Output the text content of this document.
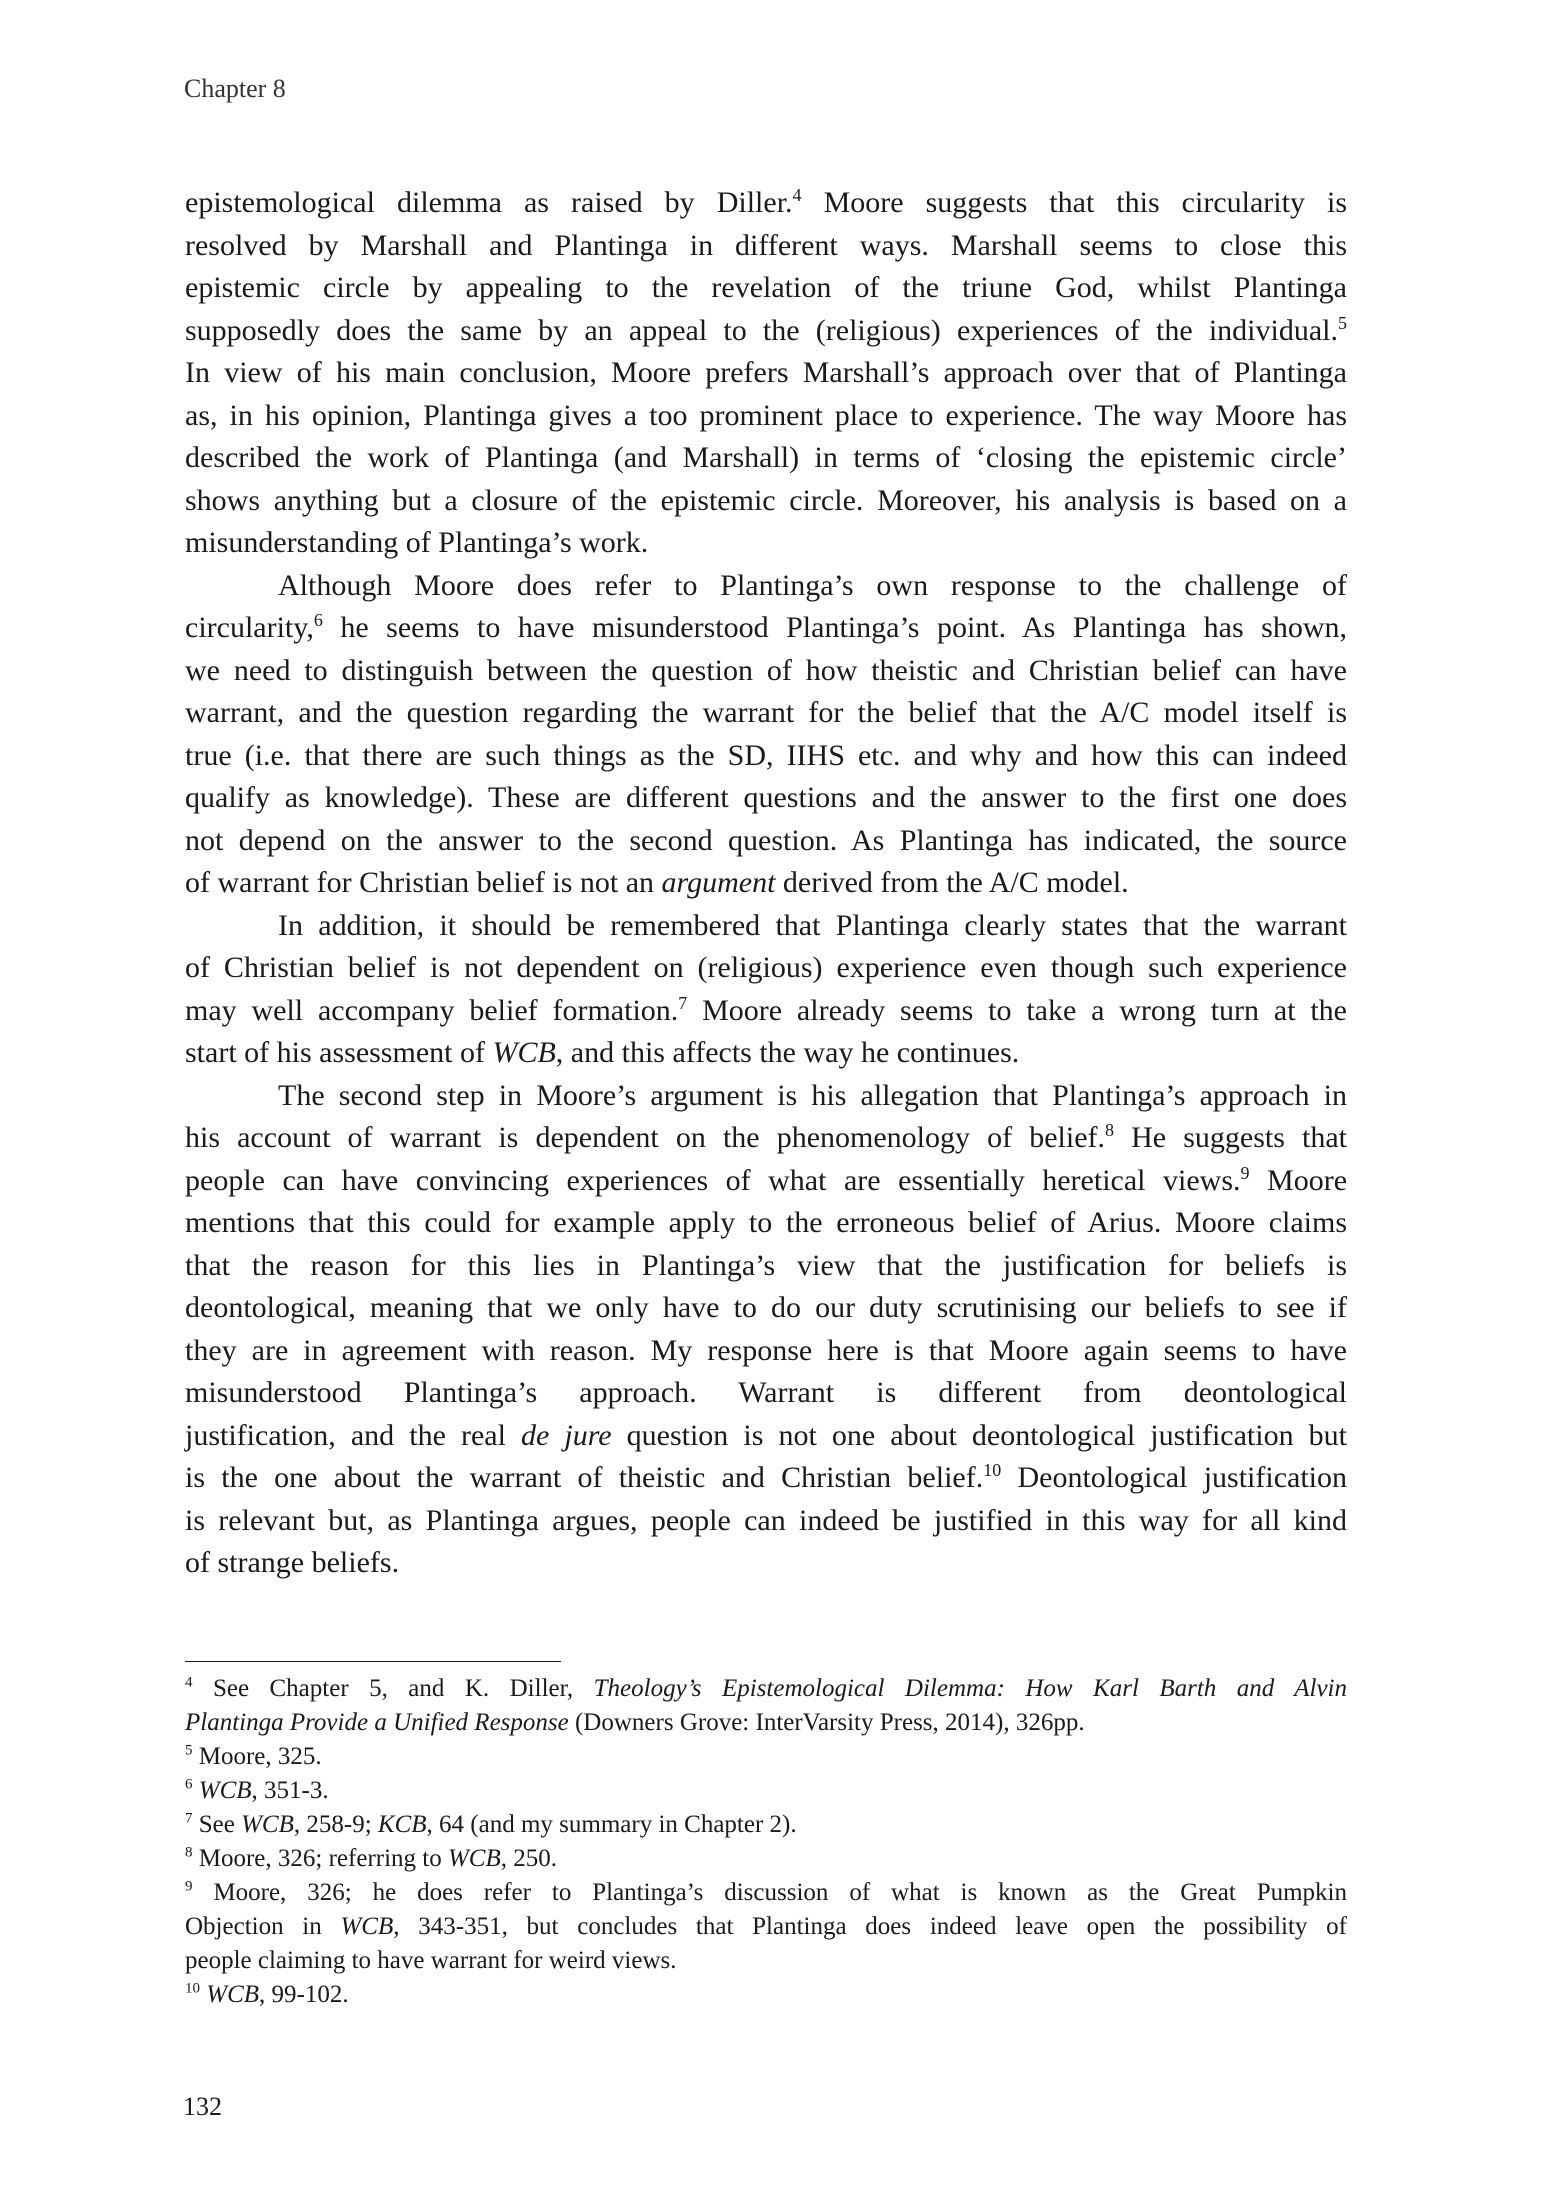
Chapter 8
epistemological dilemma as raised by Diller.$^4$ Moore suggests that this circularity is
resolved by Marshall and Plantinga in different ways. Marshall seems to close this
epistemic circle by appealing to the revelation of the triune God, whilst Plantinga
supposedly does the same by an appeal to the (religious) experiences of the individual.$^5$
In view of his main conclusion, Moore prefers Marshall’s approach over that of Plantinga
as, in his opinion, Plantinga gives a too prominent place to experience. The way Moore has
described the work of Plantinga (and Marshall) in terms of ‘closing the epistemic circle’
shows anything but a closure of the epistemic circle. Moreover, his analysis is based on a
misunderstanding of Plantinga’s work.
Although Moore does refer to Plantinga’s own response to the challenge of
circularity,$^6$ he seems to have misunderstood Plantinga’s point. As Plantinga has shown,
we need to distinguish between the question of how theistic and Christian belief can have
warrant, and the question regarding the warrant for the belief that the A/C model itself is
true (i.e. that there are such things as the SD, IIHS etc. and why and how this can indeed
qualify as knowledge). These are different questions and the answer to the first one does
not depend on the answer to the second question. As Plantinga has indicated, the source
of warrant for Christian belief is not an argument derived from the A/C model.
In addition, it should be remembered that Plantinga clearly states that the warrant
of Christian belief is not dependent on (religious) experience even though such experience
may well accompany belief formation.$^7$ Moore already seems to take a wrong turn at the
start of his assessment of WCB, and this affects the way he continues.
The second step in Moore’s argument is his allegation that Plantinga’s approach in
his account of warrant is dependent on the phenomenology of belief.$^8$ He suggests that
people can have convincing experiences of what are essentially heretical views.$^9$ Moore
mentions that this could for example apply to the erroneous belief of Arius. Moore claims
that the reason for this lies in Plantinga’s view that the justification for beliefs is
deontological, meaning that we only have to do our duty scrutinising our beliefs to see if
they are in agreement with reason. My response here is that Moore again seems to have
misunderstood Plantinga’s approach. Warrant is different from deontological
justification, and the real de jure question is not one about deontological justification but
is the one about the warrant of theistic and Christian belief.$^{10}$ Deontological justification
is relevant but, as Plantinga argues, people can indeed be justified in this way for all kind
of strange beliefs.
$^4$ See Chapter 5, and K. Diller, Theology’s Epistemological Dilemma: How Karl Barth and Alvin
Plantinga Provide a Unified Response (Downers Grove: InterVarsity Press, 2014), 326pp.
$^5$ Moore, 325.
$^6$ WCB, 351-3.
$^7$ See WCB, 258-9; KCB, 64 (and my summary in Chapter 2).
$^8$ Moore, 326; referring to WCB, 250.
$^9$ Moore, 326; he does refer to Plantinga’s discussion of what is known as the Great Pumpkin
Objection in WCB, 343-351, but concludes that Plantinga does indeed leave open the possibility of
people claiming to have warrant for weird views.
$^{10}$ WCB, 99-102.
132
